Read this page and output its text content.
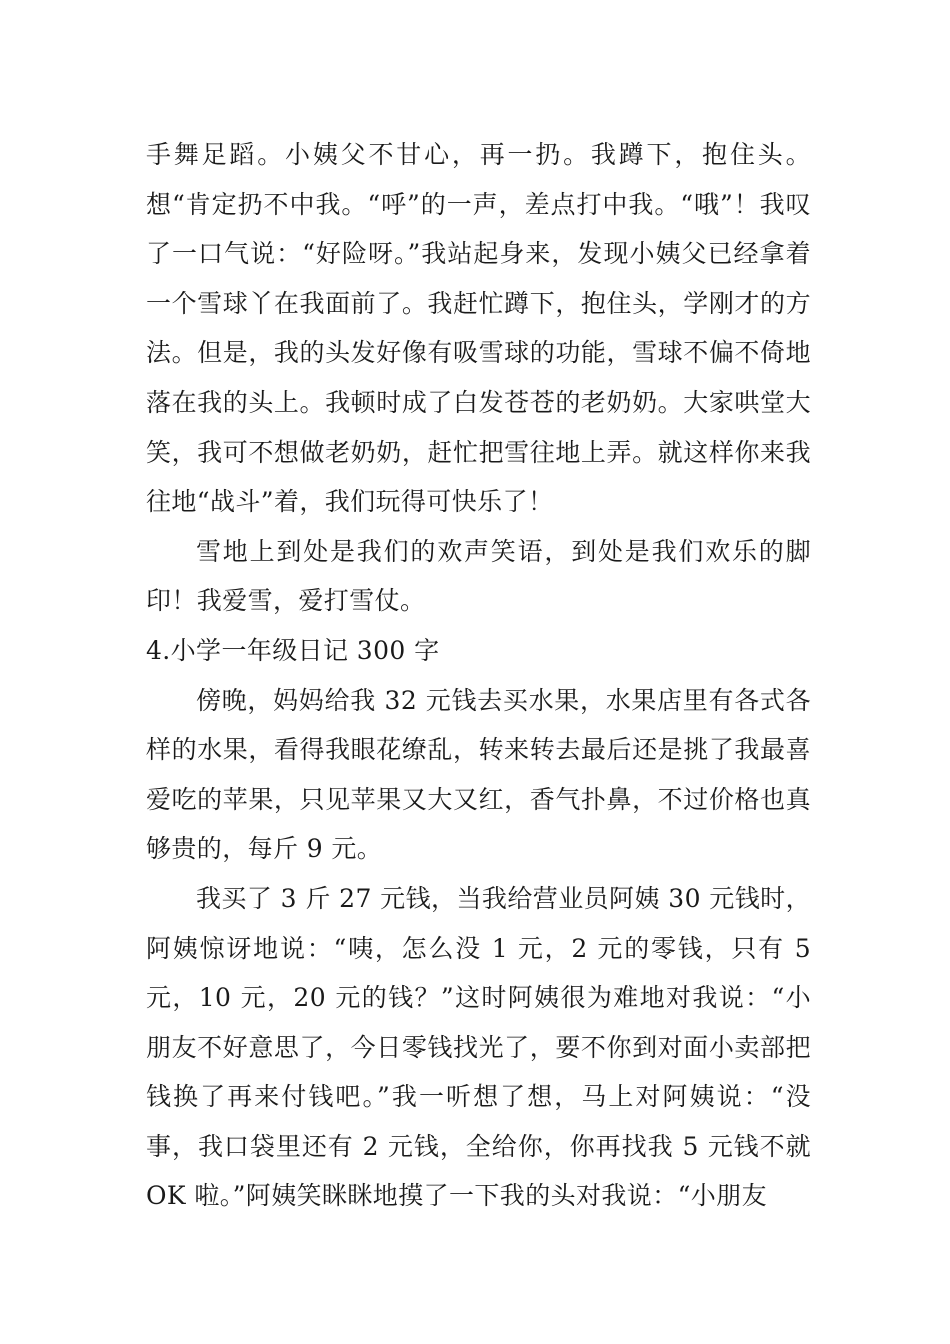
手舞足蹈。小姨父不甘心，再一扔。我蹲下，抱住头。想“肯定扔不中我。“呼”的一声，差点打中我。“哦”！我叹了一口气说：“好险呀。”我站起身来，发现小姨父已经拿着一个雪球丫在我面前了。我赶忙蹲下，抱住头，学刚才的方法。但是，我的头发好像有吸雪球的功能，雪球不偏不倚地落在我的头上。我顿时成了白发苍苍的老奶奶。大家哄堂大笑，我可不想做老奶奶，赶忙把雪往地上弄。就这样你来我往地“战斗”着，我们玩得可快乐了！

雪地上到处是我们的欢声笑语，到处是我们欢乐的脚印！我爱雪，爱打雪仗。

4.小学一年级日记 300 字

傍晚，妈妈给我 32 元钱去买水果，水果店里有各式各样的水果，看得我眼花缭乱，转来转去最后还是挑了我最喜爱吃的苹果，只见苹果又大又红，香气扑鼻，不过价格也真够贵的，每斤 9 元。

我买了 3 斤 27 元钱，当我给营业员阿姨 30 元钱时，阿姨惊讶地说：“咦，怎么没 1 元，2 元的零钱，只有 5 元，10 元，20 元的钱？”这时阿姨很为难地对我说：“小朋友不好意思了，今日零钱找光了，要不你到对面小卖部把钱换了再来付钱吧。”我一听想了想，马上对阿姨说：“没事，我口袋里还有 2 元钱，全给你，你再找我 5 元钱不就OK 啦。”阿姨笑眯眯地摸了一下我的头对我说：“小朋友
